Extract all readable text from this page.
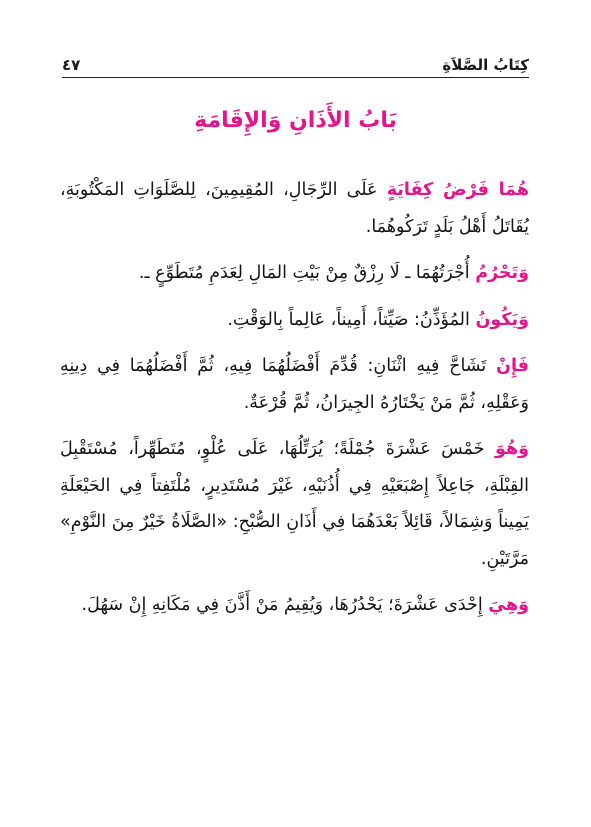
كِتَابُ الصَّلاَةِ
٤٧
بَابُ الأَذَانِ وَالإِقَامَةِ

هُمَا فَرْضُ كِفَايَةٍ عَلَى الرِّجَالِ، المُقِيمِينَ، لِلصَّلَوَاتِ المَكْتُوبَةِ، يُقَاتَلُ أَهْلُ بَلَدٍ تَرَكُوهُمَا.

وَتَحْرُمُ أُجْرَتُهُمَا ـ لَا رِزْقٌ مِنْ بَيْتِ المَالِ لِعَدَمِ مُتَطَوِّعٍ ـ.

وَيَكُونُ المُؤَذِّنُ: صَيِّتاً، أَمِيناً، عَالِماً بِالوَقْتِ.

فَإِنْ تَشَاحَّ فِيهِ اثْنَانِ: قُدِّمَ أَفْضَلُهُمَا فِيهِ، ثُمَّ أَفْضَلُهُمَا فِي دِينِهِ وَعَقْلِهِ، ثُمَّ مَنْ يَخْتَارُهُ الجِيرَانُ، ثُمَّ قُرْعَةٌ.

وَهُوَ خَمْسَ عَشْرَةَ جُمْلَةً؛ يُرَتِّلُهَا، عَلَى عُلْوٍ، مُتَطَهِّراً، مُسْتَقْبِلَ القِبْلَةِ، جَاعِلاً إِصْبَعَيْهِ فِي أُذُنَيْهِ، غَيْرَ مُسْتَدِيرٍ، مُلْتَفِتاً فِي الحَيْعَلَةِ يَمِيناً وَشِمَالاً، قَائِلاً بَعْدَهُمَا فِي أَذَانِ الصُّبْحِ: «الصَّلَاةُ خَيْرٌ مِنَ النَّوْمِ» مَرَّتَيْنِ.

وَهِيَ إِحْدَى عَشْرَةَ؛ يَحْدُرُهَا، وَيُقِيمُ مَنْ أَذَّنَ فِي مَكَانِهِ إِنْ سَهُلَ.
